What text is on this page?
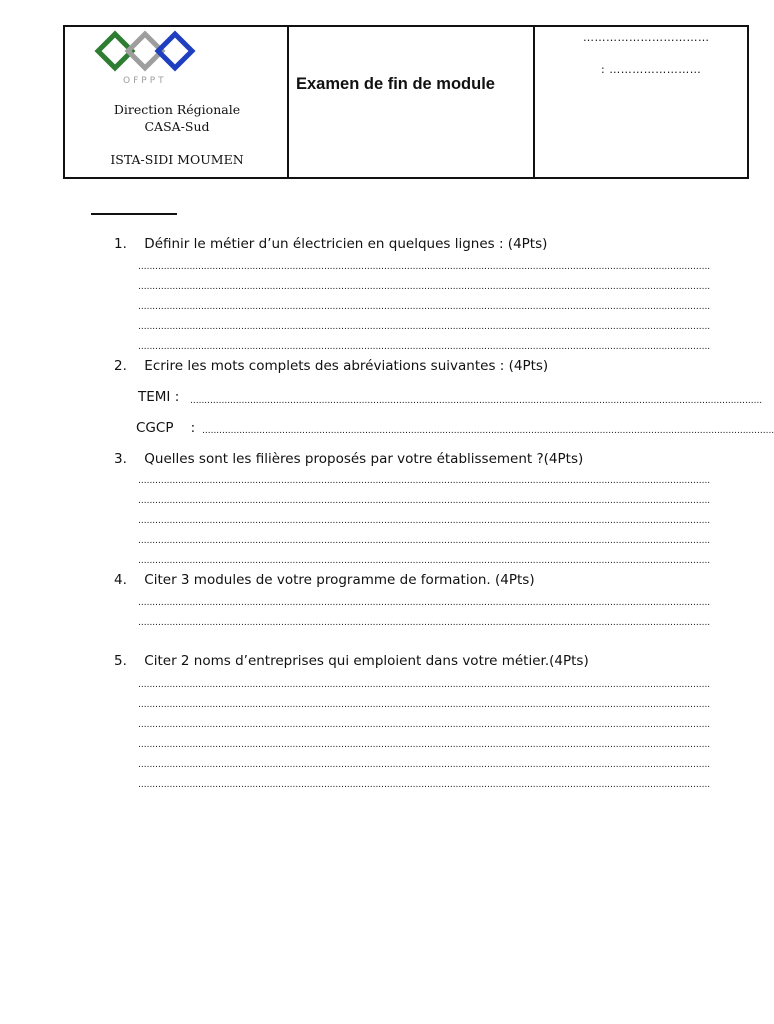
OFPPT
Direction Régionale
CASA-Sud
ISTA-SIDI MOUMEN
Examen de fin de module
……………………………
: ……………………
1. Définir le métier d’un électricien en quelques lignes : (4Pts)
........................................................................................................................................................................................................
........................................................................................................................................................................................................
........................................................................................................................................................................................................
........................................................................................................................................................................................................
........................................................................................................................................................................................................
2. Ecrire les mots complets des abréviations suivantes : (4Pts)
TEMI : ........................................................................................................................................................................................................
CGCP    : ........................................................................................................................................................................................................
3. Quelles sont les filières proposés par votre établissement ?(4Pts)
........................................................................................................................................................................................................
........................................................................................................................................................................................................
........................................................................................................................................................................................................
........................................................................................................................................................................................................
........................................................................................................................................................................................................
4. Citer 3 modules de votre programme de formation. (4Pts)
........................................................................................................................................................................................................
........................................................................................................................................................................................................
5. Citer 2 noms d’entreprises qui emploient dans votre métier.(4Pts)
........................................................................................................................................................................................................
........................................................................................................................................................................................................
........................................................................................................................................................................................................
........................................................................................................................................................................................................
........................................................................................................................................................................................................
........................................................................................................................................................................................................
